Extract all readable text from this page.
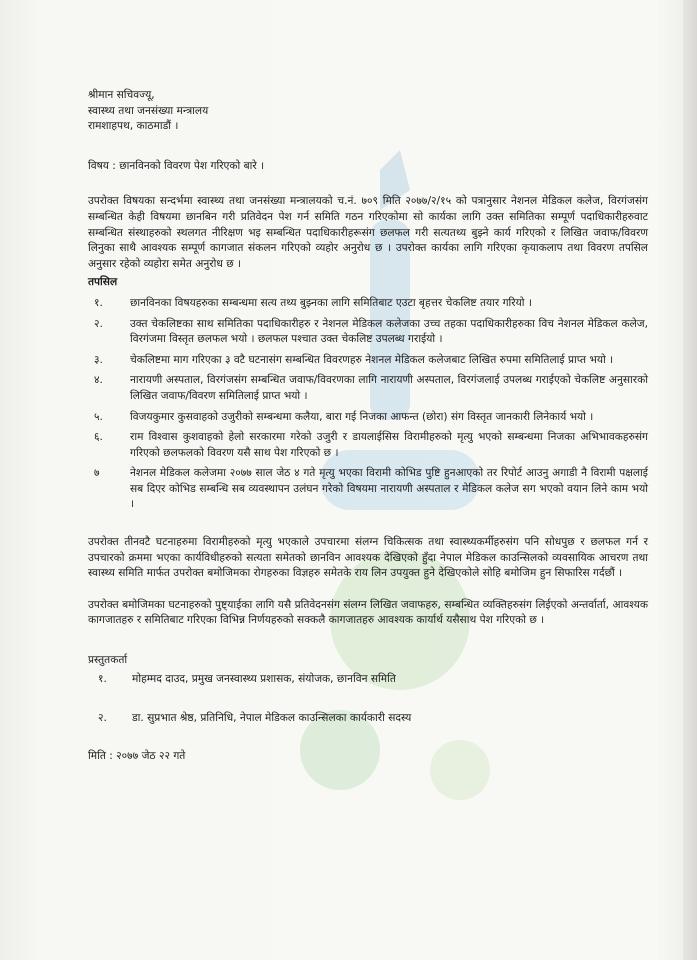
श्रीमान सचिवज्यू,
स्वास्थ्य तथा जनसंख्या मन्त्रालय
रामशाहपथ, काठमाडौं ।
विषय : छानविनको विवरण पेश गरिएको बारे ।
उपरोक्त विषयका सन्दर्भमा स्वास्थ्य तथा जनसंख्या मन्त्रालयको च.नं. ७०९ मिति २०७७/२/१५ को पत्रानुसार नेशनल मेडिकल कलेज, विरगंजसंग सम्बन्धित केही विषयमा छानबिन गरी प्रतिवेदन पेश गर्न समिति गठन गरिएकोमा सो कार्यका लागि उक्त समितिका सम्पूर्ण पदाधिकारीहरुवाट सम्बन्धित संस्थाहरुको स्थलगत नीरिक्षण भइ सम्बन्धित पदाधिकारीहरूसंग छलफल गरी सत्यतथ्य बुझ्ने कार्य गरिएको र लिखित जवाफ/विवरण लिनुका साथै आवश्यक सम्पूर्ण कागजात संकलन गरिएको व्यहोर अनुरोध छ । उपरोक्त कार्यका लागि गरिएका कृयाकलाप तथा विवरण तपसिल अनुसार रहेको व्यहोरा समेत अनुरोध छ ।
तपसिल
१.	छानविनका विषयहरुका सम्बन्धमा सत्य तथ्य बुझ्नका लागि समितिबाट एउटा बृहत्तर चेकलिष्ट तयार गरियो ।
२.	उक्त चेकलिष्टका साथ समितिका पदाधिकारीहरु र नेशनल मेडिकल कलेजका उच्च तहका पदाधिकारीहरुका विच नेशनल मेडिकल कलेज, विरगंजमा विस्तृत छलफल भयो । छलफल पश्चात उक्त चेकलिष्ट उपलब्ध गराईयो ।
३.	चेकलिष्टमा माग गरिएका ३ वटै घटनासंग सम्बन्धित विवरणहरु नेशनल मेडिकल कलेजबाट लिखित रुपमा समितिलाई प्राप्त भयो ।
४.	नारायणी अस्पताल, विरगंजसंग सम्बन्धित जवाफ/विवरणका लागि नारायणी अस्पताल, विरगंजलाई उपलब्ध गराईएको चेकलिष्ट अनुसारको लिखित जवाफ/विवरण समितिलाई प्राप्त भयो ।
५.	विजयकुमार कुसवाहको उजुरीको सम्बन्धमा कलैया, बारा गई निजका आफन्त (छोरा) संग विस्तृत जानकारी लिनेकार्य भयो ।
६.	राम विश्वास कुशवाहको हेलो सरकारमा गरेको उजुरी र डायलाईसिस विरामीहरुको मृत्यु भएको सम्बन्धमा निजका अभिभावकहरुसंग गरिएको छलफलको विवरण यसै साथ पेश गरिएको छ ।
७	नेशनल मेडिकल कलेजमा २०७७ साल जेठ ४ गते मृत्यु भएका विरामी कोभिड पुष्टि हुनआएको तर रिपोर्ट आउनु अगाडी नै विरामी पक्षलाई सब दिएर कोभिड सम्बन्धि सब व्यवस्थापन उलंघन गरेको विषयमा नारायणी अस्पताल र मेडिकल कलेज सग भएको वयान लिने काम भयो ।
उपरोक्त तीनवटै घटनाहरुमा विरामीहरुको मृत्यु भएकाले उपचारमा संलग्न चिकित्सक तथा स्वास्थ्यकर्मीहरुसंग पनि सोधपुछ र छलफल गर्न र उपचारको क्रममा भएका कार्यविधीहरुको सत्यता समेतको छानविन आवश्यक देखिएको हुँदा नेपाल मेडिकल काउन्सिलको व्यवसायिक आचरण तथा स्वास्थ्य समिति मार्फत उपरोक्त बमोजिमका रोगहरुका विज्ञहरु समेतके राय लिन उपयुक्त हुने देखिएकोले सोहि बमोजिम हुन सिफारिस गर्दछौं ।
उपरोक्त बमोजिमका घटनाहरुको पुष्ट्याईका लागि यसै प्रतिवेदनसंग संलग्न लिखित जवाफहरु, सम्बन्धित व्यक्तिहरुसंग लिईएको अन्तर्वार्ता, आवश्यक कागजातहरु र समितिबाट गरिएका विभिन्न निर्णयहरुको सक्कलै कागजातहरु आवश्यक कार्यार्थ यसैसाथ पेश गरिएको छ ।
प्रस्तुतकर्ता
१.	मोहम्मद दाउद, प्रमुख जनस्वास्थ्य प्रशासक, संयोजक, छानविन समिति
२.	डा. सुप्रभात श्रेष्ठ, प्रतिनिधि, नेपाल मेडिकल काउन्सिलका कार्यकारी सदस्य
मिति : २०७७ जेठ २२ गते
